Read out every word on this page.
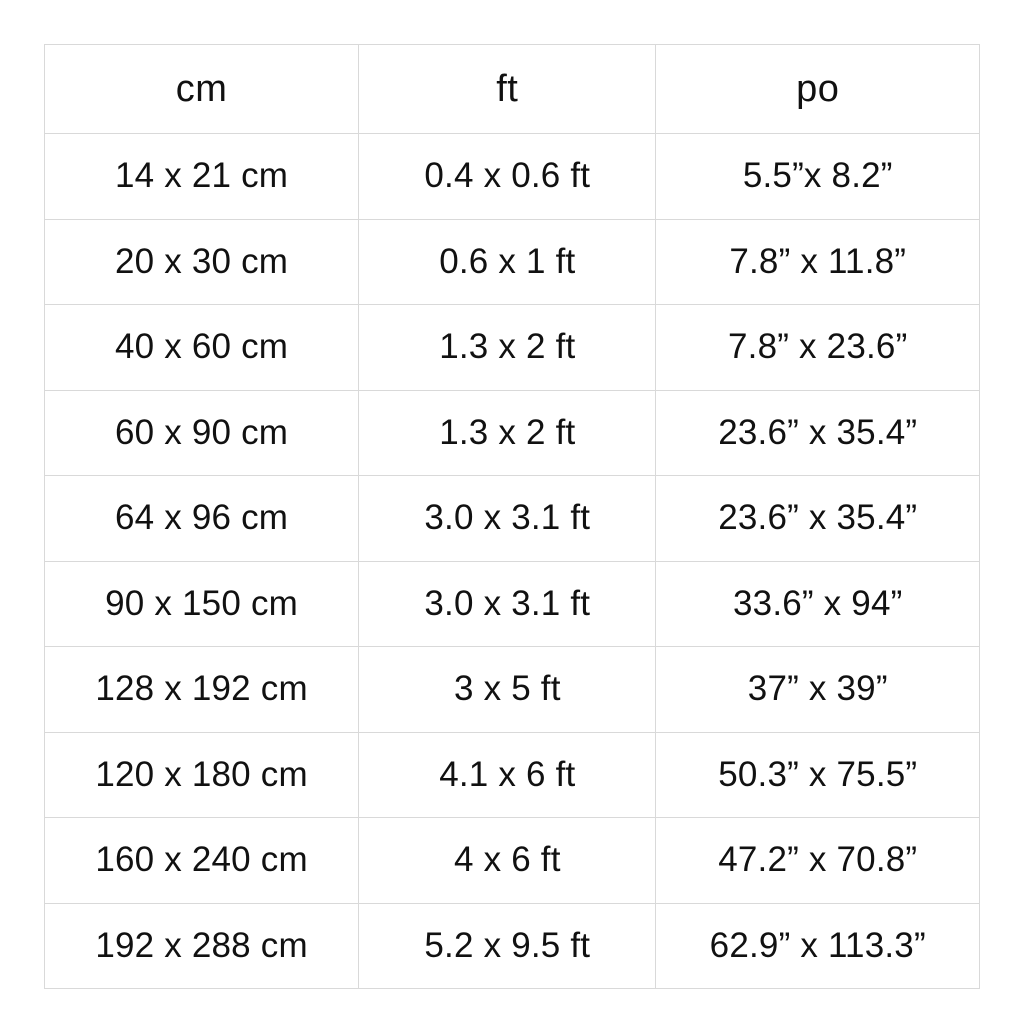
cm	ft	po
14 x 21 cm	0.4 x 0.6 ft	5.5”x 8.2”
20 x 30 cm	0.6 x 1 ft	7.8” x 11.8”
40 x 60 cm	1.3 x 2 ft	7.8” x 23.6”
60 x 90 cm	1.3 x 2 ft	23.6” x 35.4”
64 x 96 cm	3.0 x 3.1 ft	23.6” x 35.4”
90 x 150 cm	3.0 x 3.1 ft	33.6” x 94”
128 x 192 cm	3 x 5 ft	37” x 39”
120 x 180 cm	4.1 x 6 ft	50.3” x 75.5”
160 x 240 cm	4 x 6 ft	47.2” x 70.8”
192 x 288 cm	5.2 x 9.5 ft	62.9” x 113.3”
